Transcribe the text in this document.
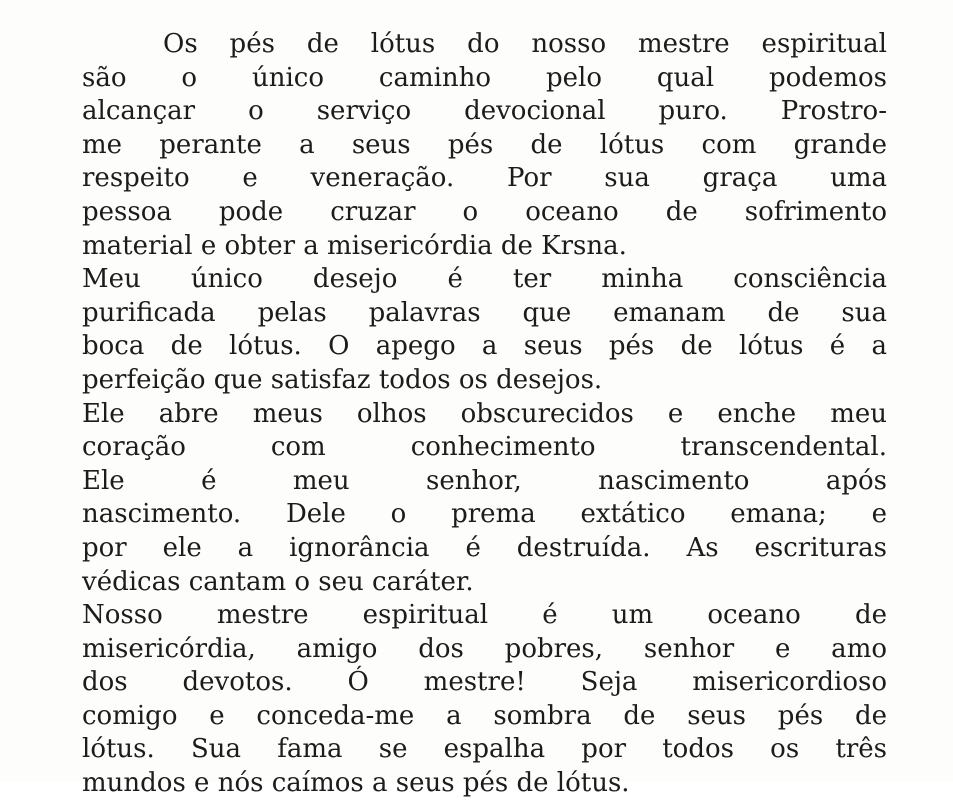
Os pés de lótus do nosso mestre espiritual
são o único caminho pelo qual podemos
alcançar o serviço devocional puro. Prostro-
me perante a seus pés de lótus com grande
respeito e veneração. Por sua graça uma
pessoa pode cruzar o oceano de sofrimento
material e obter a misericórdia de Krsna.
Meu único desejo é ter minha consciência
purificada pelas palavras que emanam de sua
boca de lótus. O apego a seus pés de lótus é a
perfeição que satisfaz todos os desejos.
Ele abre meus olhos obscurecidos e enche meu
coração com conhecimento transcendental.
Ele é meu senhor, nascimento após
nascimento. Dele o prema extático emana; e
por ele a ignorância é destruída. As escrituras
védicas cantam o seu caráter.
Nosso mestre espiritual é um oceano de
misericórdia, amigo dos pobres, senhor e amo
dos devotos. Ó mestre! Seja misericordioso
comigo e conceda-me a sombra de seus pés de
lótus. Sua fama se espalha por todos os três
mundos e nós caímos a seus pés de lótus.
